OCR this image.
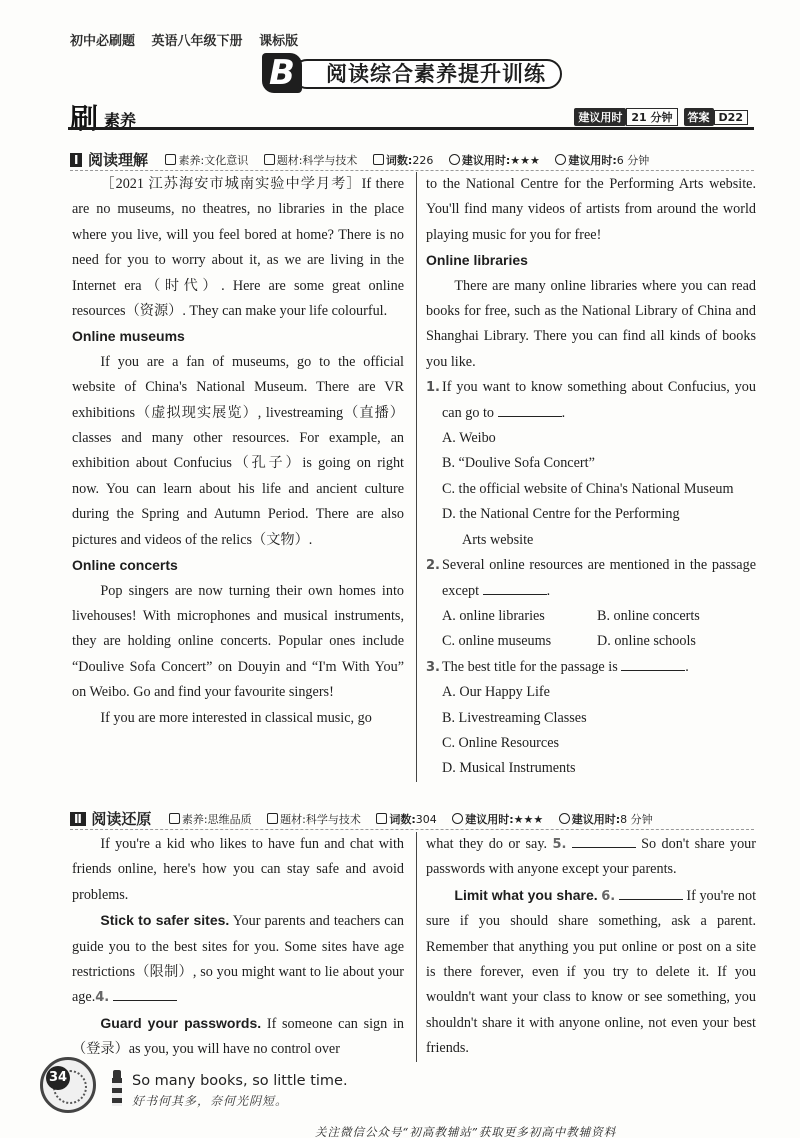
初中必刷题 英语八年级下册 课标版
阅读综合素养提升训练
B
刷 素养	建议用时 21 分钟 答案 D22
Ⅰ 阅读理解	素养:文化意识	题材:科学与技术	词数:226	建议用时:★★★	建议用时:6 分钟

［2021 江苏海安市城南实验中学月考］If there are no museums, no theatres, no libraries in the place where you live, will you feel bored at home? There is no need for you to worry about it, as we are living in the Internet era（时代）. Here are some great online resources（资源）. They can make your life colourful.

Online museums

If you are a fan of museums, go to the official website of China's National Museum. There are VR exhibitions（虚拟现实展览）, livestreaming（直播）classes and many other resources. For example, an exhibition about Confucius（孔子）is going on right now. You can learn about his life and ancient culture during the Spring and Autumn Period. There are also pictures and videos of the relics（文物）.

Online concerts

Pop singers are now turning their own homes into livehouses! With microphones and musical instruments, they are holding online concerts. Popular ones include “Doulive Sofa Concert” on Douyin and “I'm With You” on Weibo. Go and find your favourite singers!

If you are more interested in classical music, go

to the National Centre for the Performing Arts website. You'll find many videos of artists from around the world playing music for you for free!

Online libraries

There are many online libraries where you can read books for free, such as the National Library of China and Shanghai Library. There you can find all kinds of books you like.

1. If you want to know something about Confucius, you can go to	.

A. Weibo

B. “Doulive Sofa Concert”

C. the official website of China's National Museum

D. the National Centre for the Performing

Arts website

2. Several online resources are mentioned in the passage except	.
A. online libraries	B. online concerts
C. online museums	D. online schools
3. The best title for the passage is	.

A. Our Happy Life

B. Livestreaming Classes

C. Online Resources

D. Musical Instruments

Ⅱ 阅读还原	素养:思维品质	题材:科学与技术	词数:304	建议用时:★★★	建议用时:8 分钟

If you're a kid who likes to have fun and chat with friends online, here's how you can stay safe and avoid problems.

Stick to safer sites. Your parents and teachers can guide you to the best sites for you. Some sites have age restrictions（限制）, so you might want to lie about your age.4.

Guard your passwords. If someone can sign in（登录）as you, you will have no control over

what they do or say. 5.	So don't share your passwords with anyone except your parents.

Limit what you share. 6.	If you're not sure if you should share something, ask a parent. Remember that anything you put online or post on a site is there forever, even if you try to delete it. If you wouldn't want your class to know or see something, you shouldn't share it with anyone online, not even your best friends.

34	So many books, so little time.
好书何其多，奈何光阴短。
关注微信公众号“初高教辅站”获取更多初高中教辅资料
